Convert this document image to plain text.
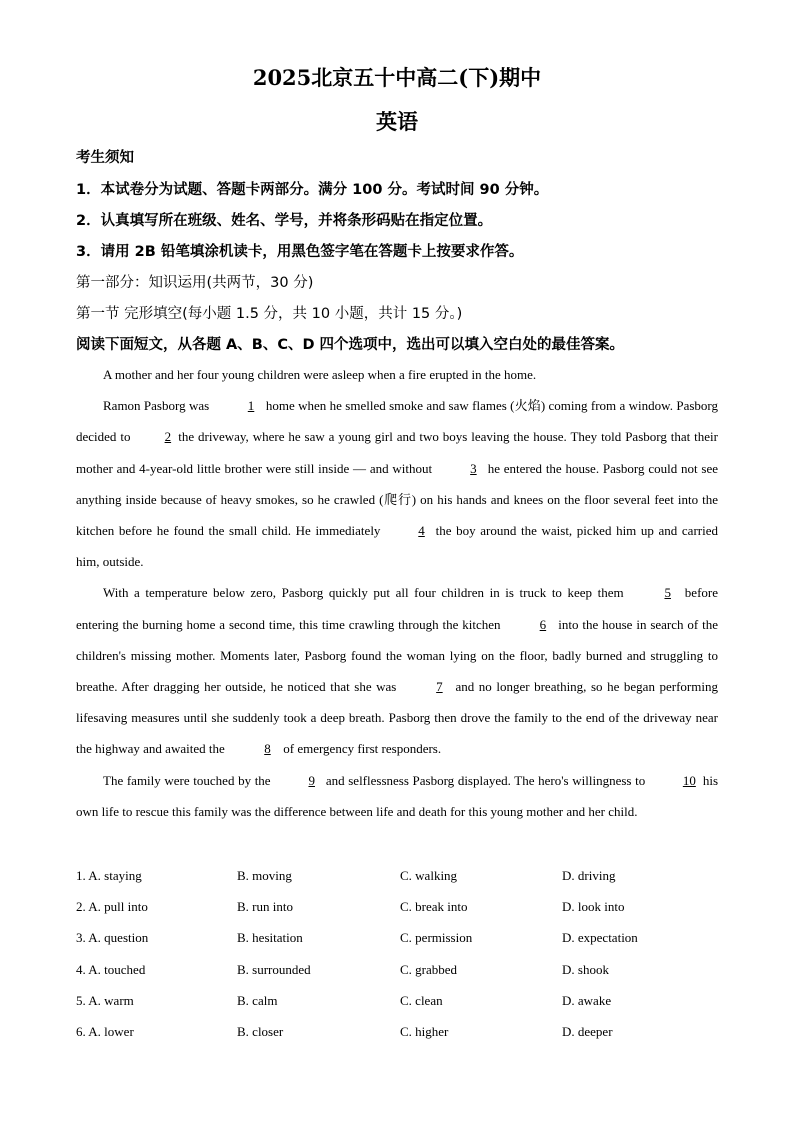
2025北京五十中高二(下)期中
英语
考生须知
1．本试卷分为试题、答题卡两部分。满分 100 分。考试时间 90 分钟。
2．认真填写所在班级、姓名、学号，并将条形码贴在指定位置。
3．请用 2B 铅笔填涂机读卡，用黑色签字笔在答题卡上按要求作答。
第一部分：知识运用(共两节，30 分)
第一节 完形填空(每小题 1.5 分，共 10 小题，共计 15 分。)
阅读下面短文，从各题 A、B、C、D 四个选项中，选出可以填入空白处的最佳答案。

A mother and her four young children were asleep when a fire erupted in the home.

Ramon Pasborg was	1 home when he smelled smoke and saw flames (火焰) coming from a window. Pasborg decided to 2 the driveway, where he saw a young girl and two boys leaving the house. They told Pasborg that their mother and 4-year-old little brother were still inside — and without	3 he entered the house. Pasborg could not see anything inside because of heavy smokes, so he crawled (爬行) on his hands and knees on the floor several feet into the kitchen before he found the small child. He immediately	4 the boy around the waist, picked him up and carried him, outside.

With a temperature below zero, Pasborg quickly put all four children in is truck to keep them	5 before entering the burning home a second time, this time crawling through the kitchen	6 into the house in search of the children's missing mother. Moments later, Pasborg found the woman lying on the floor, badly burned and struggling to breathe. After dragging her outside, he noticed that she was	7 and no longer breathing, so he began performing lifesaving measures until she suddenly took a deep breath. Pasborg then drove the family to the end of the driveway near the highway and awaited the	8 of emergency first responders.

The family were touched by the	9 and selflessness Pasborg displayed. The hero's willingness to	10 his own life to rescue this family was the difference between life and death for this young mother and her child.

1. A. staying	B. moving	C. walking	D. driving
2. A. pull into	B. run into	C. break into	D. look into
3. A. question	B. hesitation	C. permission	D. expectation
4. A. touched	B. surrounded	C. grabbed	D. shook
5. A. warm	B. calm	C. clean	D. awake
6. A. lower	B. closer	C. higher	D. deeper
